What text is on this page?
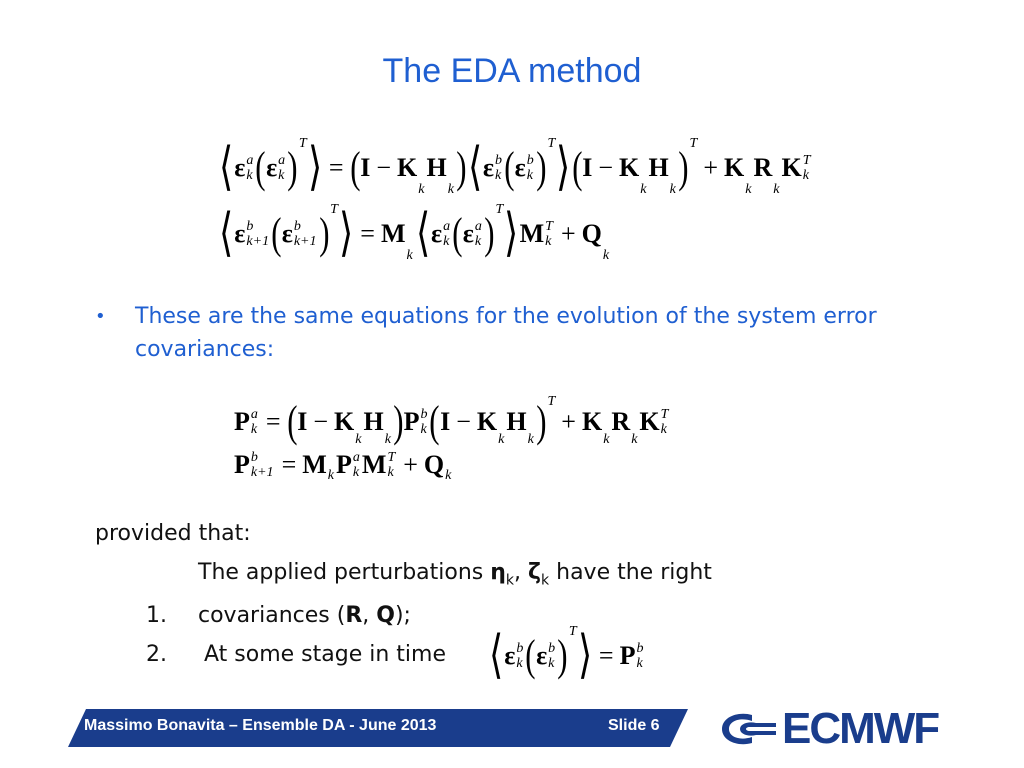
The EDA method
⟨ ε a
k ( ε a
k ) T ⟩ = ( I − K
k
H
k ) ⟨ ε b
k ( ε b
k ) T ⟩ ( I − K
k
H
k ) T
+ K
k
R
k
K T
k
⟨ ε b
k+1 ( ε b
k+1 ) T ⟩ = M
k ⟨ ε a
k ( ε a
k ) T ⟩ M T
k + Q
k
• These are the same equations for the evolution of the system error covariances:
P a
k = ( I − K
k
H
k ) P b
k ( I − K
k
H
k ) T
+ K
k
R
k
K T
k
P b
k+1 = M k P a
k M T
k + Q k
provided that:
1.The applied perturbations $\eta_k$, $\zeta_k$ have the right
covariances (R, Q);
2.	At some stage in time ⟨ ε b
k ( ε b
k ) T ⟩ = P b
k
Massimo Bonavita – Ensemble DA - June 2013	Slide 6	ECMWF
